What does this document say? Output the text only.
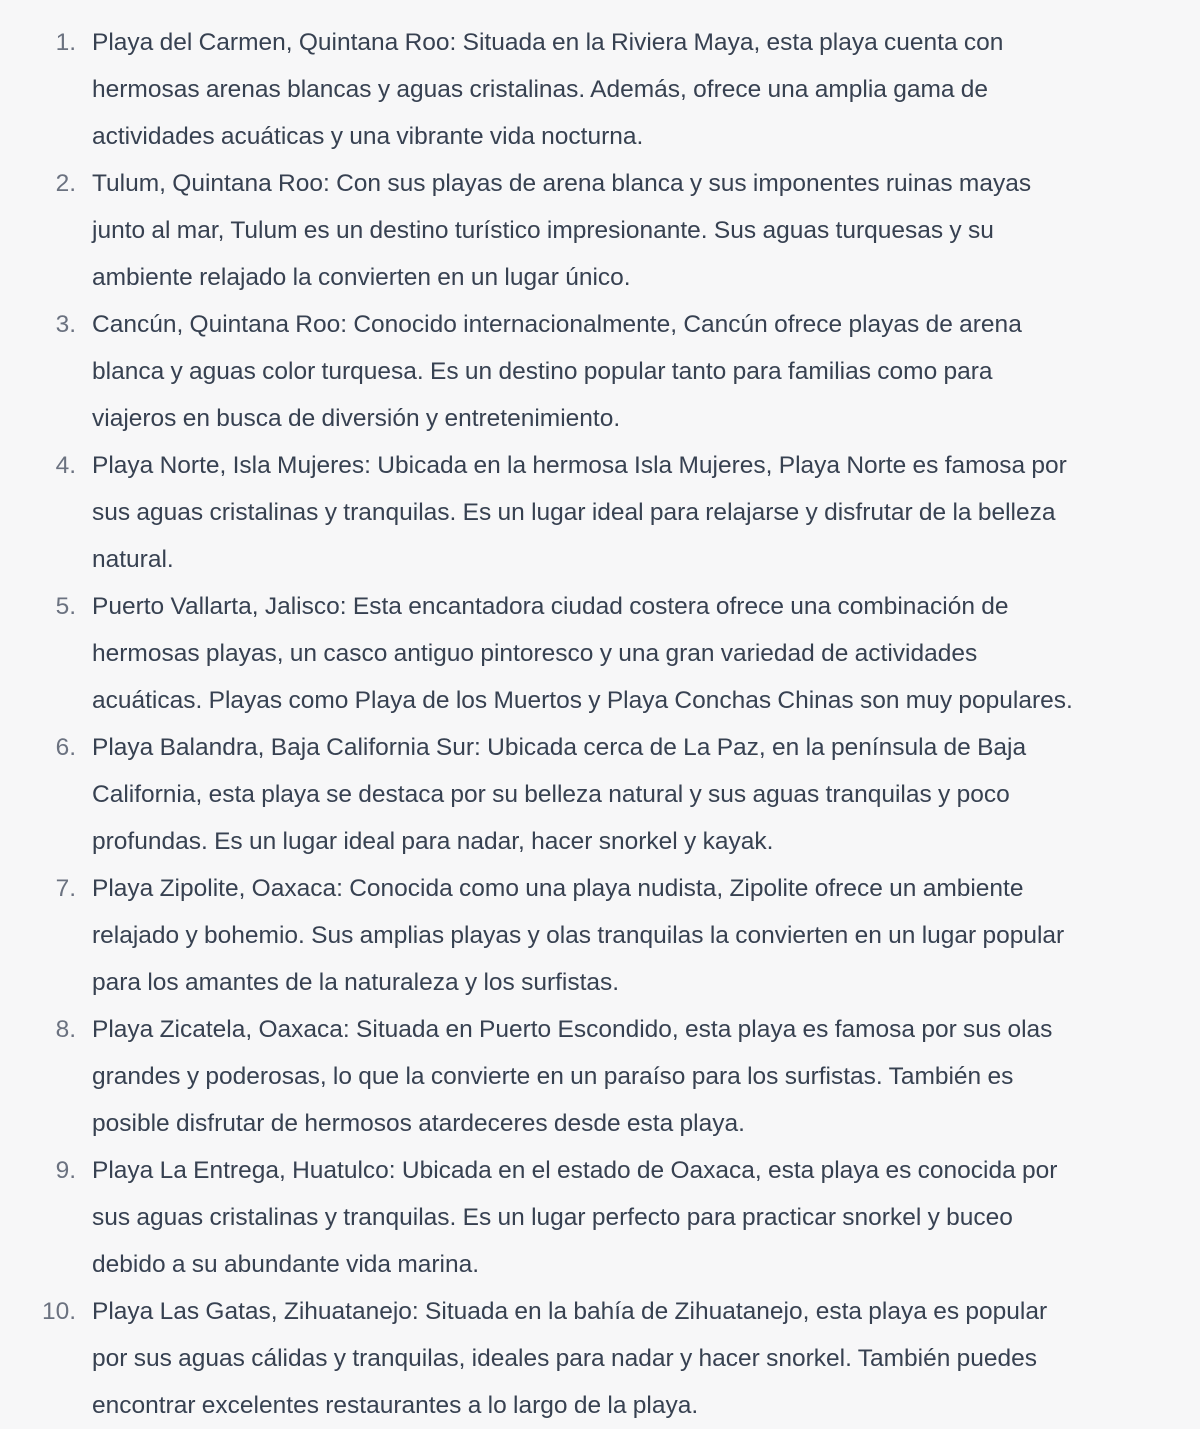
1. Playa del Carmen, Quintana Roo: Situada en la Riviera Maya, esta playa cuenta con
hermosas arenas blancas y aguas cristalinas. Además, ofrece una amplia gama de
actividades acuáticas y una vibrante vida nocturna.
2. Tulum, Quintana Roo: Con sus playas de arena blanca y sus imponentes ruinas mayas
junto al mar, Tulum es un destino turístico impresionante. Sus aguas turquesas y su
ambiente relajado la convierten en un lugar único.
3. Cancún, Quintana Roo: Conocido internacionalmente, Cancún ofrece playas de arena
blanca y aguas color turquesa. Es un destino popular tanto para familias como para
viajeros en busca de diversión y entretenimiento.
4. Playa Norte, Isla Mujeres: Ubicada en la hermosa Isla Mujeres, Playa Norte es famosa por
sus aguas cristalinas y tranquilas. Es un lugar ideal para relajarse y disfrutar de la belleza
natural.
5. Puerto Vallarta, Jalisco: Esta encantadora ciudad costera ofrece una combinación de
hermosas playas, un casco antiguo pintoresco y una gran variedad de actividades
acuáticas. Playas como Playa de los Muertos y Playa Conchas Chinas son muy populares.
6. Playa Balandra, Baja California Sur: Ubicada cerca de La Paz, en la península de Baja
California, esta playa se destaca por su belleza natural y sus aguas tranquilas y poco
profundas. Es un lugar ideal para nadar, hacer snorkel y kayak.
7. Playa Zipolite, Oaxaca: Conocida como una playa nudista, Zipolite ofrece un ambiente
relajado y bohemio. Sus amplias playas y olas tranquilas la convierten en un lugar popular
para los amantes de la naturaleza y los surfistas.
8. Playa Zicatela, Oaxaca: Situada en Puerto Escondido, esta playa es famosa por sus olas
grandes y poderosas, lo que la convierte en un paraíso para los surfistas. También es
posible disfrutar de hermosos atardeceres desde esta playa.
9. Playa La Entrega, Huatulco: Ubicada en el estado de Oaxaca, esta playa es conocida por
sus aguas cristalinas y tranquilas. Es un lugar perfecto para practicar snorkel y buceo
debido a su abundante vida marina.
10. Playa Las Gatas, Zihuatanejo: Situada en la bahía de Zihuatanejo, esta playa es popular
por sus aguas cálidas y tranquilas, ideales para nadar y hacer snorkel. También puedes
encontrar excelentes restaurantes a lo largo de la playa.
